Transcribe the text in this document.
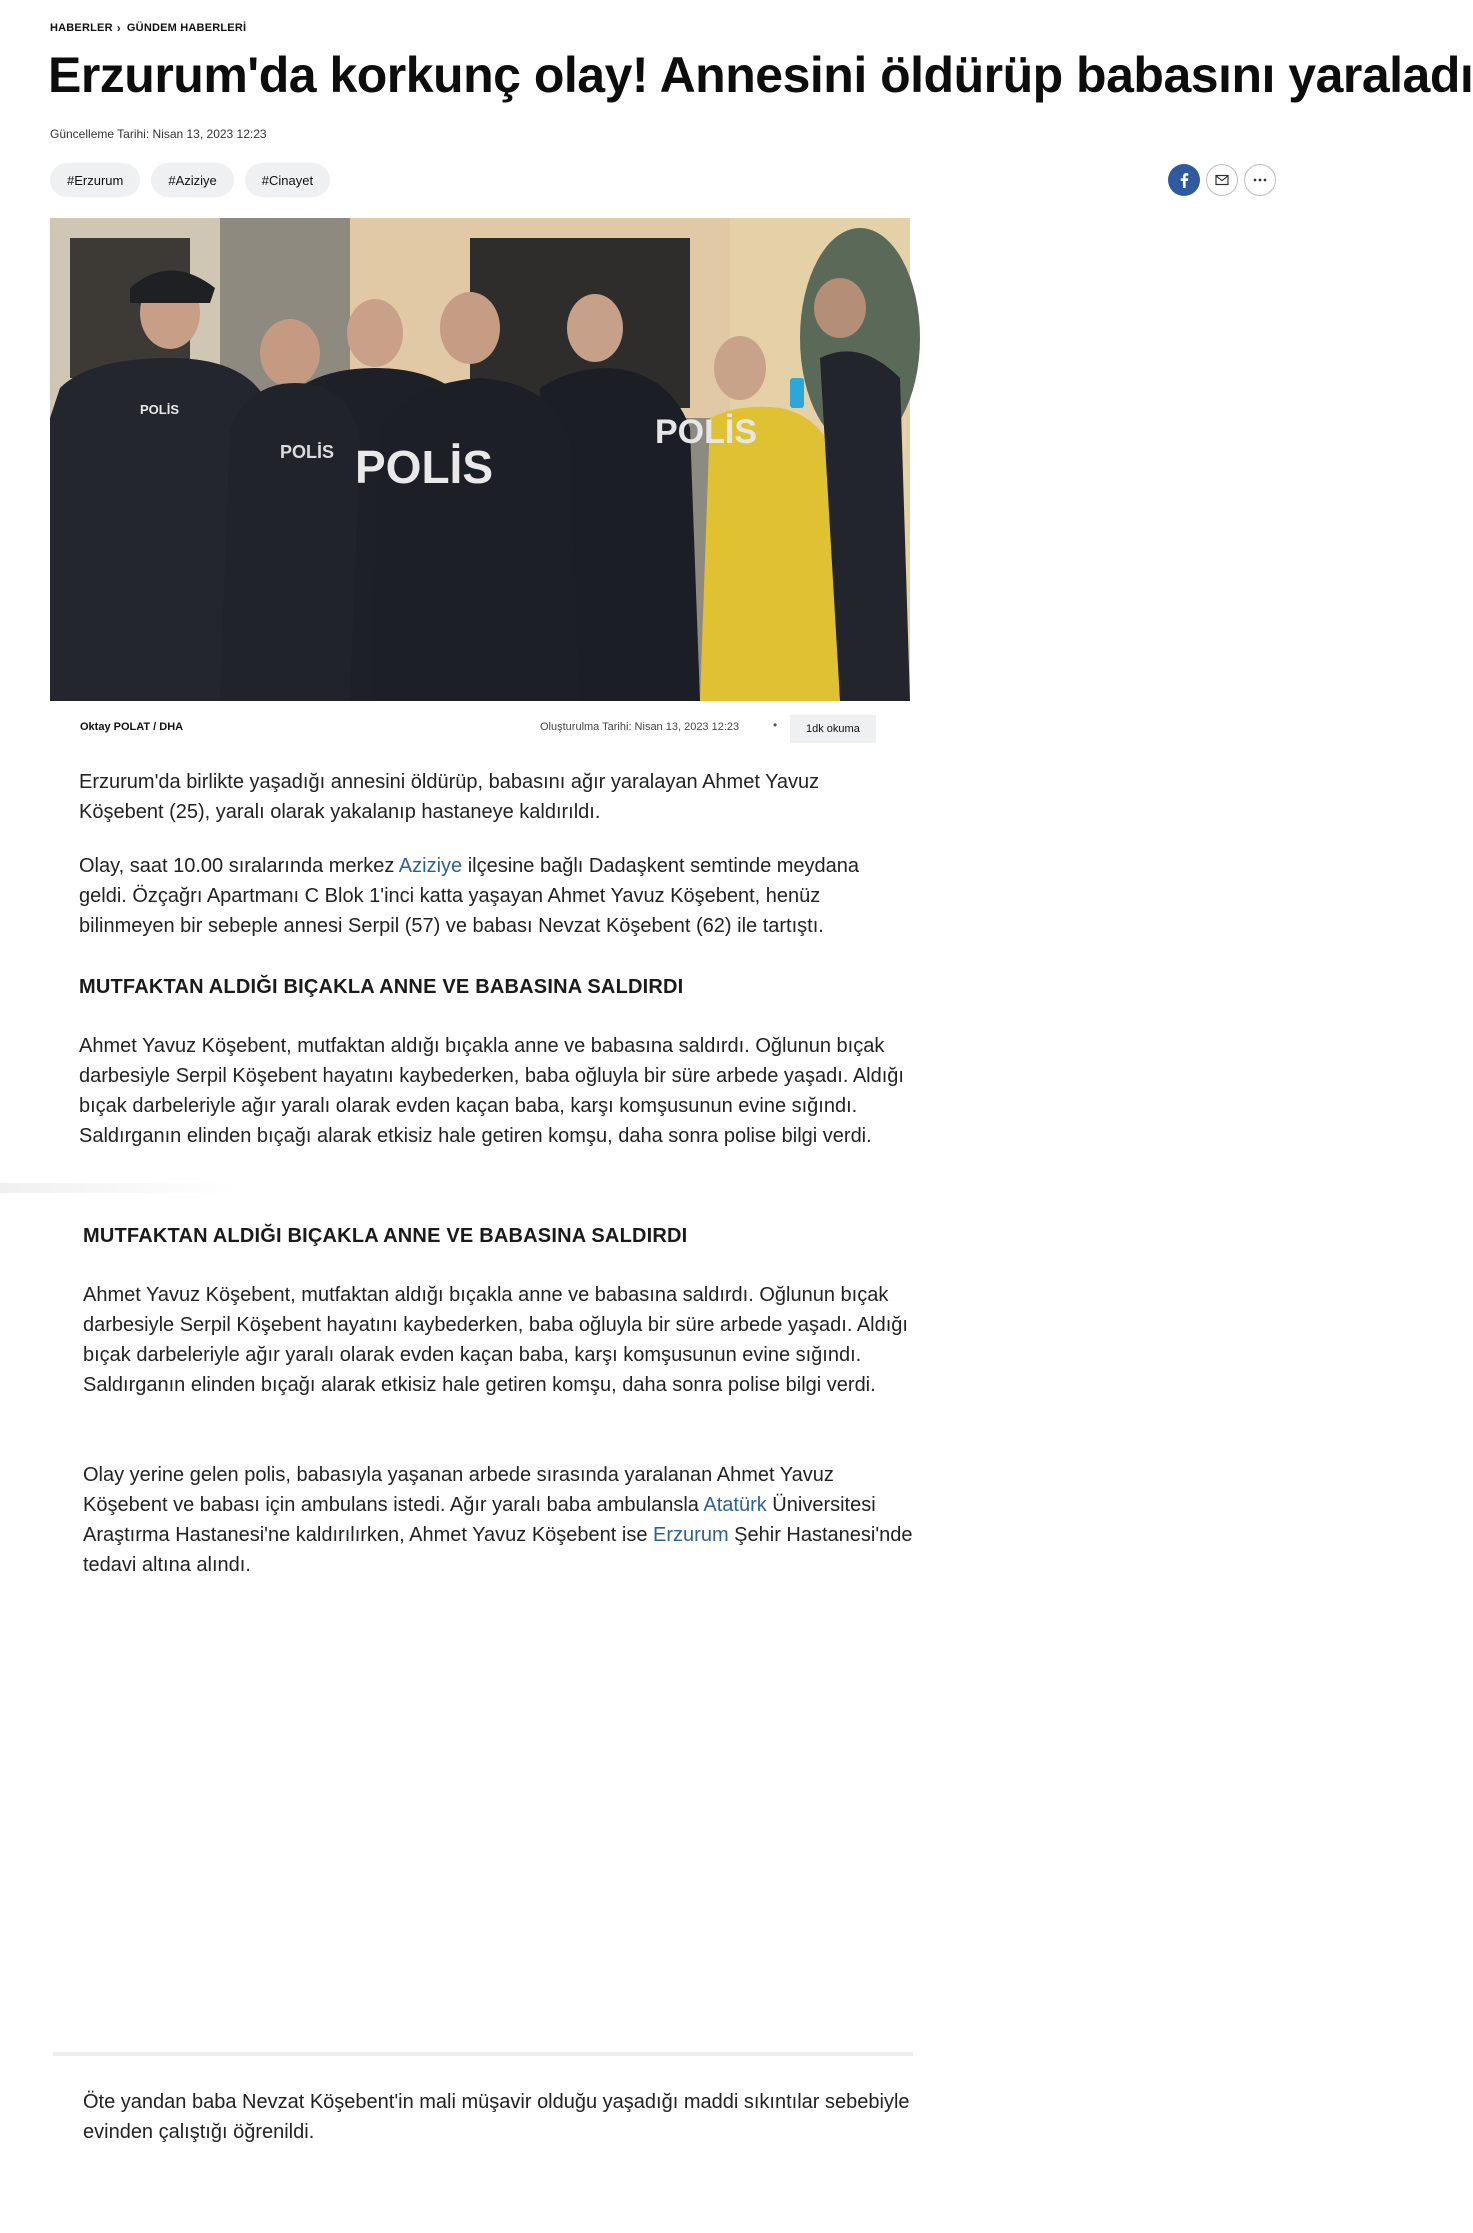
HABERLER › GÜNDEM HABERLERİ
Erzurum'da korkunç olay! Annesini öldürüp babasını yaraladı
Güncelleme Tarihi: Nisan 13, 2023 12:23
#Erzurum	#Aziziye	#Cinayet
POLİS
POLİS
POLİS
POLİS
Oktay POLAT / DHA	Oluşturulma Tarihi: Nisan 13, 2023 12:23	•	1dk okuma

Erzurum'da birlikte yaşadığı annesini öldürüp, babasını ağır yaralayan Ahmet Yavuz Köşebent (25), yaralı olarak yakalanıp hastaneye kaldırıldı.

Olay, saat 10.00 sıralarında merkez Aziziye ilçesine bağlı Dadaşkent semtinde meydana geldi. Özçağrı Apartmanı C Blok 1'inci katta yaşayan Ahmet Yavuz Köşebent, henüz bilinmeyen bir sebeple annesi Serpil (57) ve babası Nevzat Köşebent (62) ile tartıştı.

MUTFAKTAN ALDIĞI BIÇAKLA ANNE VE BABASINA SALDIRDI

Ahmet Yavuz Köşebent, mutfaktan aldığı bıçakla anne ve babasına saldırdı. Oğlunun bıçak darbesiyle Serpil Köşebent hayatını kaybederken, baba oğluyla bir süre arbede yaşadı. Aldığı bıçak darbeleriyle ağır yaralı olarak evden kaçan baba, karşı komşusunun evine sığındı. Saldırganın elinden bıçağı alarak etkisiz hale getiren komşu, daha sonra polise bilgi verdi.

MUTFAKTAN ALDIĞI BIÇAKLA ANNE VE BABASINA SALDIRDI

Ahmet Yavuz Köşebent, mutfaktan aldığı bıçakla anne ve babasına saldırdı. Oğlunun bıçak darbesiyle Serpil Köşebent hayatını kaybederken, baba oğluyla bir süre arbede yaşadı. Aldığı bıçak darbeleriyle ağır yaralı olarak evden kaçan baba, karşı komşusunun evine sığındı. Saldırganın elinden bıçağı alarak etkisiz hale getiren komşu, daha sonra polise bilgi verdi.

Olay yerine gelen polis, babasıyla yaşanan arbede sırasında yaralanan Ahmet Yavuz Köşebent ve babası için ambulans istedi. Ağır yaralı baba ambulansla Atatürk Üniversitesi Araştırma Hastanesi'ne kaldırılırken, Ahmet Yavuz Köşebent ise Erzurum Şehir Hastanesi'nde tedavi altına alındı.

Öte yandan baba Nevzat Köşebent'in mali müşavir olduğu yaşadığı maddi sıkıntılar sebebiyle evinden çalıştığı öğrenildi.
